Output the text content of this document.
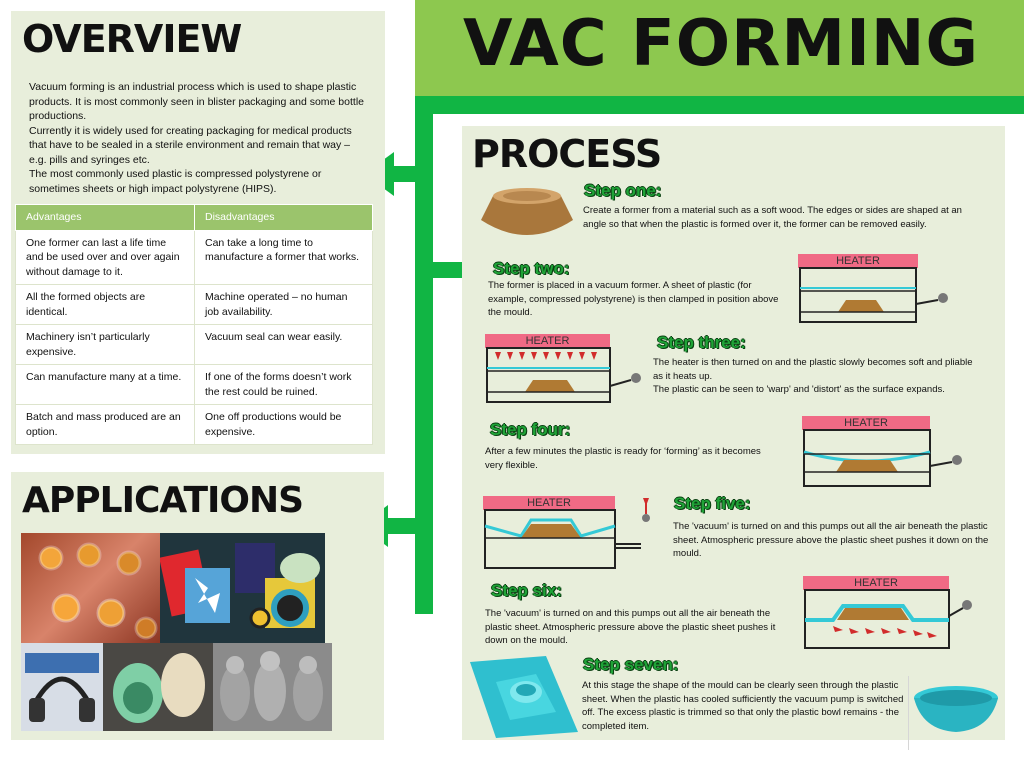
VAC FORMING
OVERVIEW
Vacuum forming is an industrial process which is used to shape plastic products. It is most commonly seen in blister packaging and some bottle productions.
Currently it is widely used for creating packaging for medical products that have to be sealed in a sterile environment and remain that way – e.g. pills and syringes etc.
The most commonly used plastic is compressed polystyrene or sometimes sheets or high impact polystyrene (HIPS).
Advantages	Disadvantages
One former can last a life time and be used over and over again without damage to it.	Can take a long time to manufacture a former that works.
All the formed objects are identical.	Machine operated – no human job availability.
Machinery isn’t particularly expensive.	Vacuum seal can wear easily.
Can manufacture many at a time.	If one of the forms doesn’t work the rest could be ruined.
Batch and mass produced are an option.	One off productions would be expensive.
APPLICATIONS
PROCESS
Step one:
Create a former from a material such as a soft wood. The edges or sides are shaped at an angle so that when the plastic is formed over it, the former can be removed easily.
Step two:
The former is placed in a vacuum former. A sheet of plastic (for example, compressed polystyrene) is then clamped in position above the mould.
HEATER
HEATER	Step three:
The heater is then turned on and the plastic slowly becomes soft and pliable as it heats up.
The plastic can be seen to 'warp' and 'distort' as the surface expands.
Step four:
After a few minutes the plastic is ready for ‘forming’ as it becomes very flexible.
HEATER
HEATER	Step five:
The 'vacuum' is turned on and this pumps out all the air beneath the plastic sheet. Atmospheric pressure above the plastic sheet pushes it down on the mould.
Step six:
The 'vacuum' is turned on and this pumps out all the air beneath the plastic sheet. Atmospheric pressure above the plastic sheet pushes it down on the mould.
HEATER
Step seven:
At this stage the shape of the mould can be clearly seen through the plastic sheet. When the plastic has cooled sufficiently the vacuum pump is switched off. The excess plastic is trimmed so that only the plastic bowl remains - the completed item.
